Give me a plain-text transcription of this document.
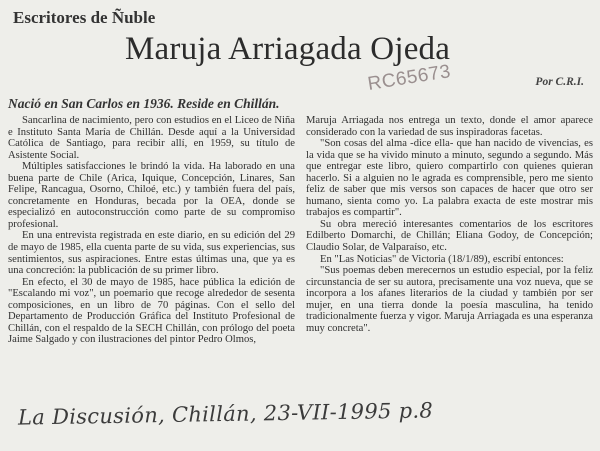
Escritores de Ñuble
Maruja Arriagada Ojeda
RC65673	Por C.R.I.
Nació en San Carlos en 1936. Reside en Chillán.

Sancarlina de nacimiento, pero con estudios en el Liceo de Niña e Instituto Santa María de Chillán. Desde aquí a la Universidad Católica de Santiago, para recibir allí, en 1959, su título de Asistente Social.

Múltiples satisfacciones le brindó la vida. Ha laborado en una buena parte de Chile (Arica, Iquique, Concepción, Linares, San Felipe, Rancagua, Osorno, Chiloé, etc.) y también fuera del país, concretamente en Honduras, becada por la OEA, donde se especializó en autoconstrucción como parte de su compromiso profesional.

En una entrevista registrada en este diario, en su edición del 29 de mayo de 1985, ella cuenta parte de su vida, sus experiencias, sus sentimientos, sus aspiraciones. Entre estas últimas una, que ya es una concreción: la publicación de su primer libro.

En efecto, el 30 de mayo de 1985, hace pública la edición de "Escalando mi voz", un poemario que recoge alrededor de sesenta composiciones, en un libro de 70 páginas. Con el sello del Departamento de Producción Gráfica del Instituto Profesional de Chillán, con el respaldo de la SECH Chillán, con prólogo del poeta Jaime Salgado y con ilustraciones del pintor Pedro Olmos,

Maruja Arriagada nos entrega un texto, donde el amor aparece considerado con la variedad de sus inspiradoras facetas.

"Son cosas del alma -dice ella- que han nacido de vivencias, es la vida que se ha vivido minuto a minuto, segundo a segundo. Más que entregar este libro, quiero compartirlo con quienes quieran hacerlo. Si a alguien no le agrada es comprensible, pero me siento feliz de saber que mis versos son capaces de hacer que otro ser humano, sienta como yo. La palabra exacta de este mostrar mis trabajos es compartir".

Su obra mereció interesantes comentarios de los escritores Edilberto Domarchi, de Chillán; Eliana Godoy, de Concepción; Claudio Solar, de Valparaíso, etc.

En "Las Noticias" de Victoria (18/1/89), escribí entonces:

"Sus poemas deben merecernos un estudio especial, por la feliz circunstancia de ser su autora, precisamente una voz nueva, que se incorpora a los afanes literarios de la ciudad y también por ser mujer, en una tierra donde la poesía masculina, ha tenido tradicionalmente fuerza y vigor. Maruja Arriagada es una esperanza muy concreta".

La Discusión, Chillán, 23-VII-1995 p.8
